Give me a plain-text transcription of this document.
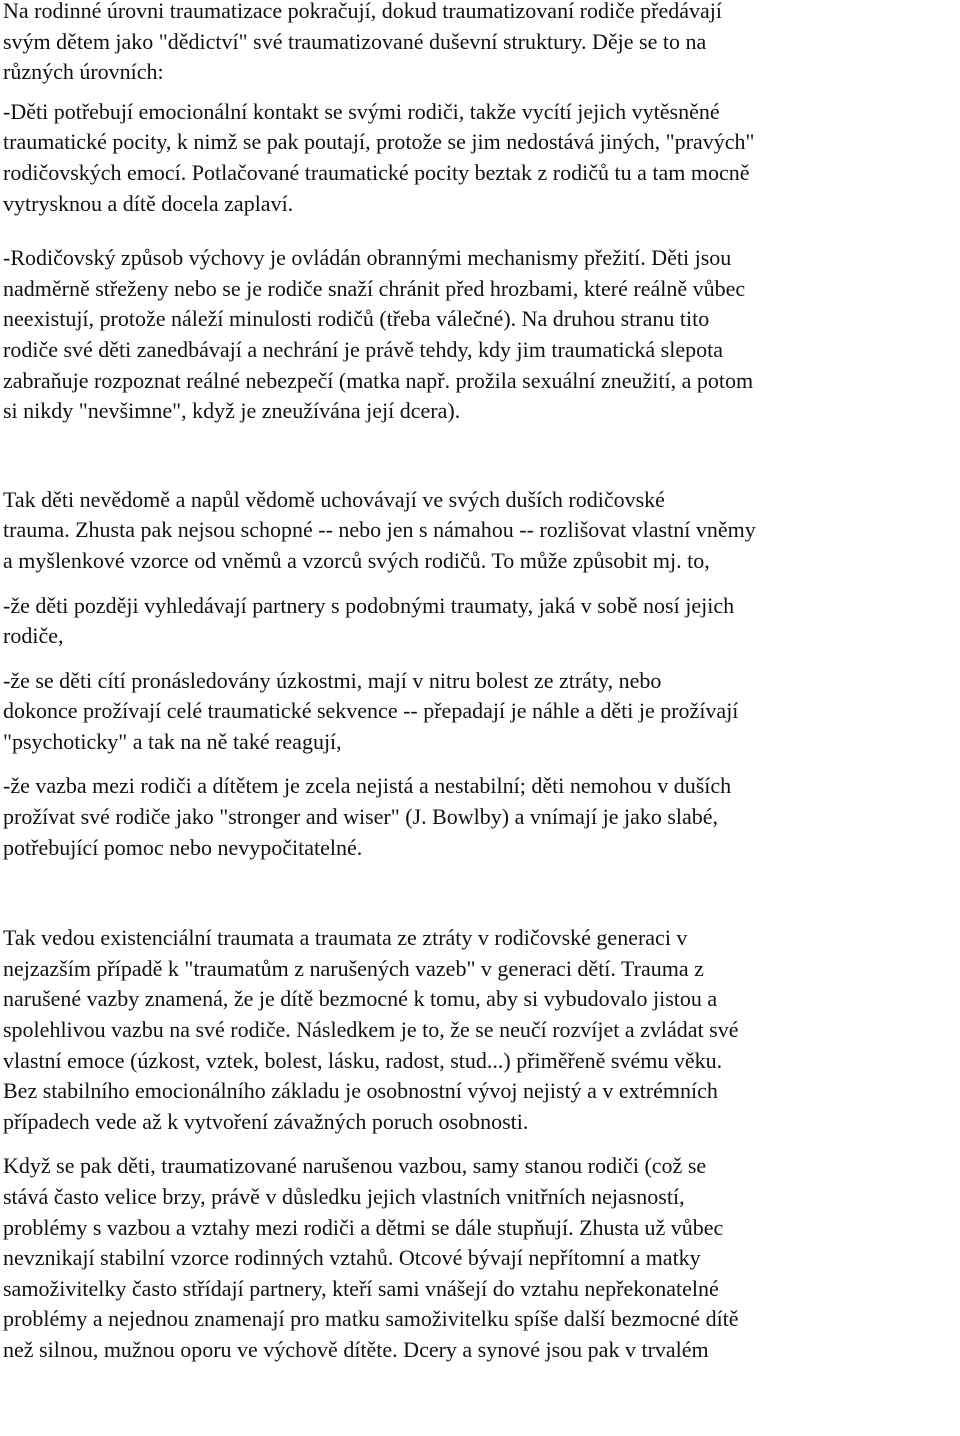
Na rodinné úrovni traumatizace pokračují, dokud traumatizovaní rodiče předávají
svým dětem jako "dědictví" své traumatizované duševní struktury. Děje se to na
různých úrovních:

-Děti potřebují emocionální kontakt se svými rodiči, takže vycítí jejich vytěsněné
traumatické pocity, k nimž se pak poutají, protože se jim nedostává jiných, "pravých"
rodičovských emocí. Potlačované traumatické pocity beztak z rodičů tu a tam mocně
vytrysknou a dítě docela zaplaví.

-Rodičovský způsob výchovy je ovládán obrannými mechanismy přežití. Děti jsou
nadměrně střeženy nebo se je rodiče snaží chránit před hrozbami, které reálně vůbec
neexistují, protože náleží minulosti rodičů (třeba válečné). Na druhou stranu tito
rodiče své děti zanedbávají a nechrání je právě tehdy, kdy jim traumatická slepota
zabraňuje rozpoznat reálné nebezpečí (matka např. prožila sexuální zneužití, a potom
si nikdy "nevšimne", když je zneužívána její dcera).

Tak děti nevědomě a napůl vědomě uchovávají ve svých duších rodičovské
trauma. Zhusta pak nejsou schopné -- nebo jen s námahou -- rozlišovat vlastní vněmy
a myšlenkové vzorce od vněmů a vzorců svých rodičů. To může způsobit mj. to,

-že děti později vyhledávají partnery s podobnými traumaty, jaká v sobě nosí jejich
rodiče,

-že se děti cítí pronásledovány úzkostmi, mají v nitru bolest ze ztráty, nebo
dokonce prožívají celé traumatické sekvence -- přepadají je náhle a děti je prožívají
"psychoticky" a tak na ně také reagují,

-že vazba mezi rodiči a dítětem je zcela nejistá a nestabilní; děti nemohou v duších
prožívat své rodiče jako "stronger and wiser" (J. Bowlby) a vnímají je jako slabé,
potřebující pomoc nebo nevypočitatelné.

Tak vedou existenciální traumata a traumata ze ztráty v rodičovské generaci v
nejzazším případě k "traumatům z narušených vazeb" v generaci dětí. Trauma z
narušené vazby znamená, že je dítě bezmocné k tomu, aby si vybudovalo jistou a
spolehlivou vazbu na své rodiče. Následkem je to, že se neučí rozvíjet a zvládat své
vlastní emoce (úzkost, vztek, bolest, lásku, radost, stud...) přiměřeně svému věku.
Bez stabilního emocionálního základu je osobnostní vývoj nejistý a v extrémních
případech vede až k vytvoření závažných poruch osobnosti.

Když se pak děti, traumatizované narušenou vazbou, samy stanou rodiči (což se
stává často velice brzy, právě v důsledku jejich vlastních vnitřních nejasností,
problémy s vazbou a vztahy mezi rodiči a dětmi se dále stupňují. Zhusta už vůbec
nevznikají stabilní vzorce rodinných vztahů. Otcové bývají nepřítomní a matky
samoživitelky často střídají partnery, kteří sami vnášejí do vztahu nepřekonatelné
problémy a nejednou znamenají pro matku samoživitelku spíše další bezmocné dítě
než silnou, mužnou oporu ve výchově dítěte. Dcery a synové jsou pak v trvalém
